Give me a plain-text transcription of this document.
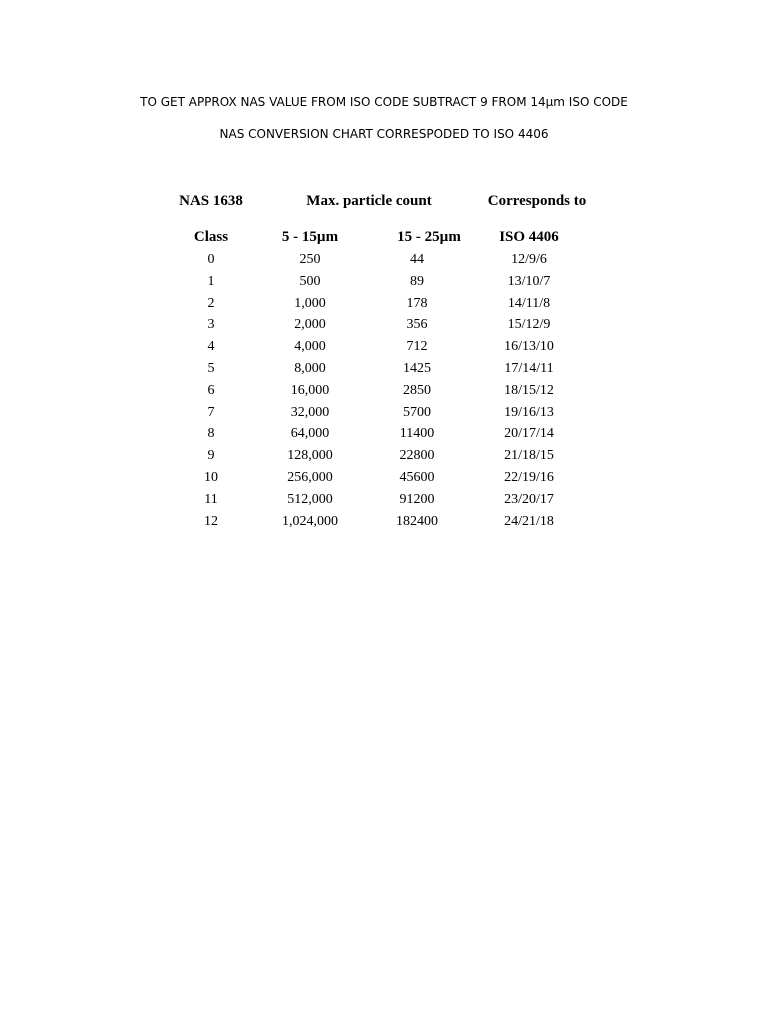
TO GET APPROX NAS VALUE FROM ISO CODE SUBTRACT 9 FROM 14µm ISO CODE
NAS CONVERSION CHART CORRESPODED TO ISO 4406
NAS 1638	Max. particle count	Corresponds to
Class	5 - 15µm	15 - 25µm	ISO 4406
0	250	44	12/9/6
1	500	89	13/10/7
2	1,000	178	14/11/8
3	2,000	356	15/12/9
4	4,000	712	16/13/10
5	8,000	1425	17/14/11
6	16,000	2850	18/15/12
7	32,000	5700	19/16/13
8	64,000	11400	20/17/14
9	128,000	22800	21/18/15
10	256,000	45600	22/19/16
11	512,000	91200	23/20/17
12	1,024,000	182400	24/21/18
